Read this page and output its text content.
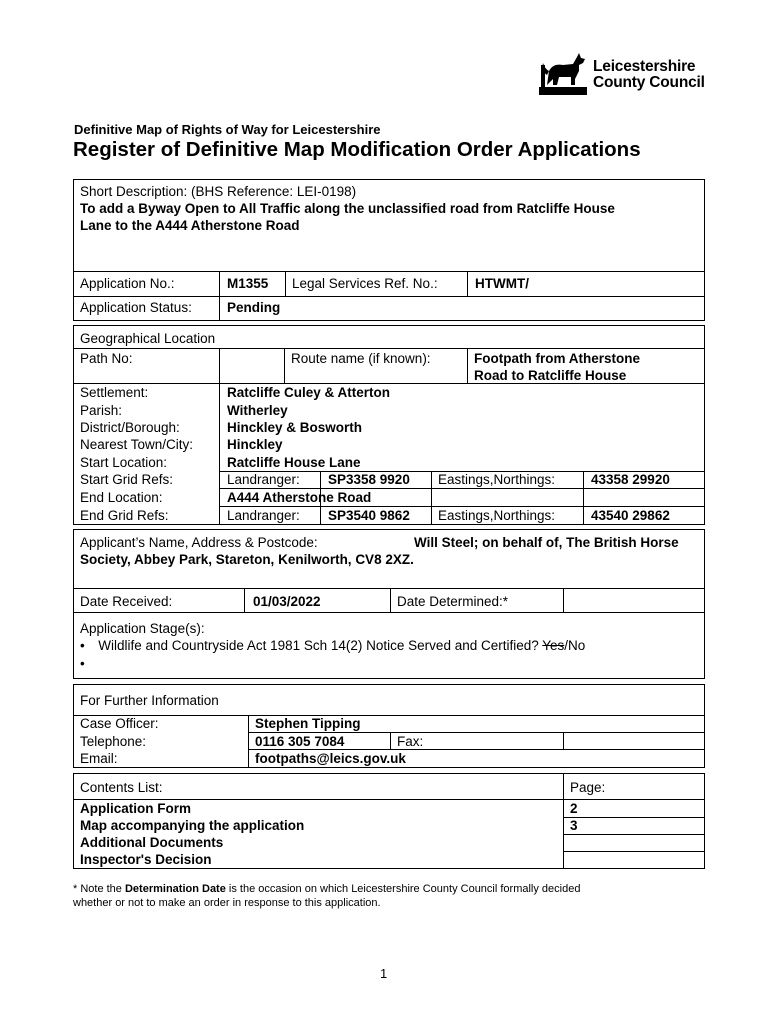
Leicestershire
County Council
Definitive Map of Rights of Way for Leicestershire
Register of Definitive Map Modification Order Applications
Short Description: (BHS Reference: LEI-0198)
To add a Byway Open to All Traffic along the unclassified road from Ratcliffe House
Lane to the A444 Atherstone Road
Application No.:	M1355 Legal Services Ref. No.:	HTWMT/
Application Status:	Pending
Geographical Location
Path No:	Route name (if known):	Footpath from Atherstone
Road to Ratcliffe House
Settlement:	Ratcliffe Culey & Atterton
Parish:	Witherley
District/Borough:	Hinckley & Bosworth
Nearest Town/City:	Hinckley
Start Location:	Ratcliffe House Lane
Start Grid Refs:	Landranger: SP3358 9920 Eastings,Northings:	43358 29920
End Location:	A444 Atherstone Road
End Grid Refs:	Landranger: SP3540 9862 Eastings,Northings:	43540 29862
Applicant’s Name, Address & Postcode:	Will Steel; on behalf of, The British Horse
Society, Abbey Park, Stareton, Kenilworth, CV8 2XZ.
Date Received:	01/03/2022	Date Determined:*
Application Stage(s):
• Wildlife and Countryside Act 1981 Sch 14(2) Notice Served and Certified? Yes/No
•
For Further Information
Case Officer:	Stephen Tipping
Telephone:	0116 305 7084	Fax:
Email:	footpaths@leics.gov.uk
Contents List:	Page:
Application Form	2
Map accompanying the application	3
Additional Documents
Inspector's Decision
* Note the Determination Date is the occasion on which Leicestershire County Council formally decided
whether or not to make an order in response to this application.
1
